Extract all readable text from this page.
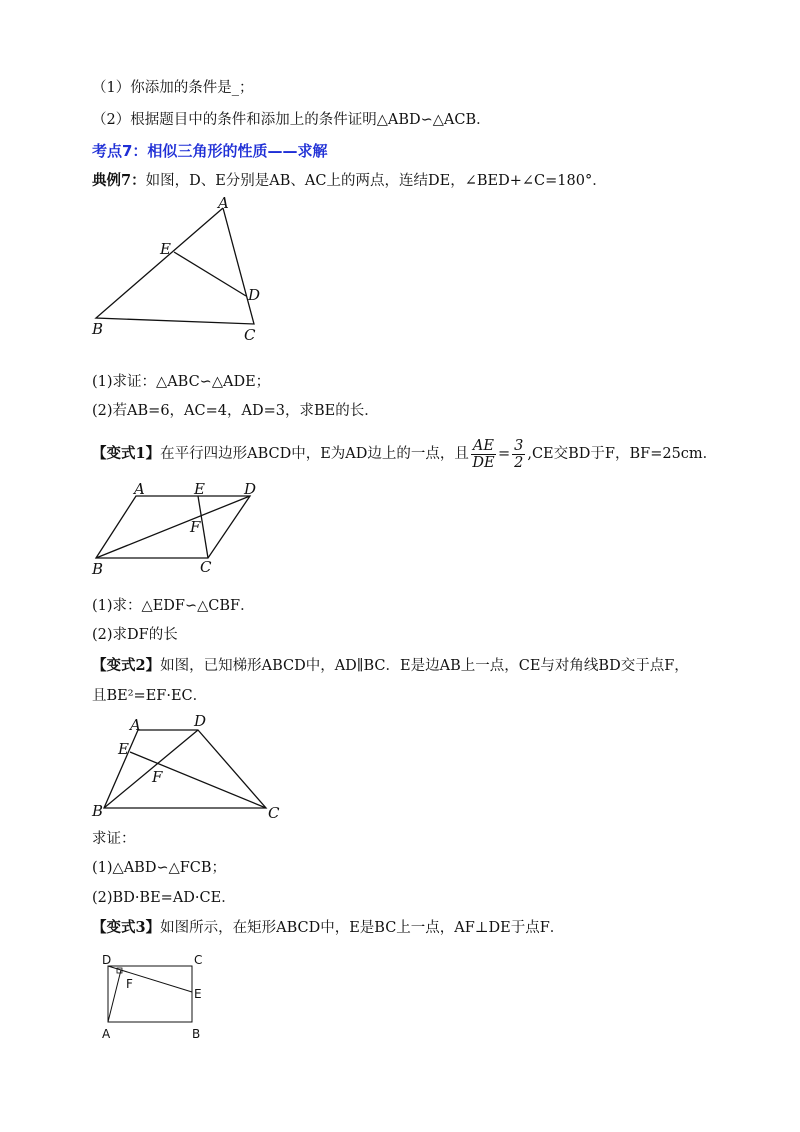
（1）你添加的条件是_；
（2）根据题目中的条件和添加上的条件证明△ABD∽△ACB．
考点7：相似三角形的性质——求解
典例7：如图，D、E分别是AB、AC上的两点，连结DE，∠BED+∠C=180°．
A
E
D
B	C
(1)求证：△ABC∽△ADE；
(2)若AB=6，AC=4，AD=3，求BE的长．
【变式1】在平行四边形ABCD中，E为AD边上的一点，且 $\frac{AE}{DE} = \frac{3}{2} ,CE$交BD于F，BF=25cm．
A	E	D
F
B	C
(1)求：△EDF∽△CBF．
(2)求DF的长
【变式2】如图，已知梯形ABCD中，AD∥BC．E是边AB上一点，CE与对角线BD交于点F，
且BE²=EF·EC．
A	D
E
F
B	C
求证：
(1)△ABD∽△FCB；
(2)BD·BE=AD·CE．
【变式3】如图所示，在矩形ABCD中，E是BC上一点，AF⊥DE于点F．
D	C
F
E
A	B
